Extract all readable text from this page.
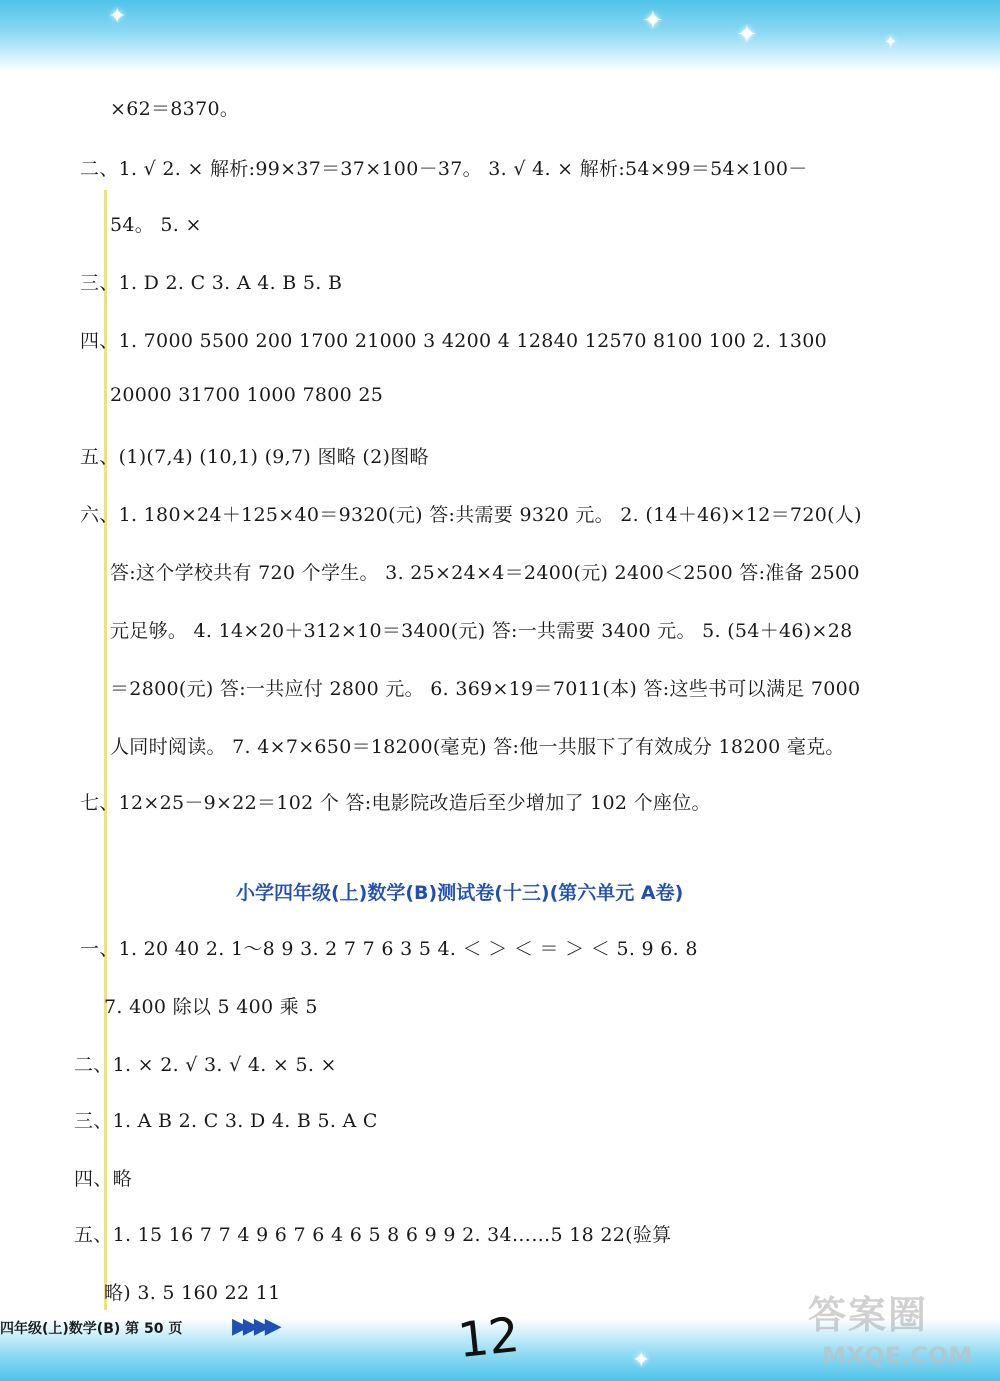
✦	✦	✦	✦
✦
×62＝8370。
二、1. √ 2. × 解析:99×37＝37×100－37。 3. √ 4. × 解析:54×99＝54×100－
54。 5. ×
三、1. D 2. C 3. A 4. B 5. B
四、1. 7000 5500 200 1700 21000 3 4200 4 12840 12570 8100 100 2. 1300
20000 31700 1000 7800 25
五、(1)(7,4) (10,1) (9,7) 图略 (2)图略
六、1. 180×24＋125×40＝9320(元) 答:共需要 9320 元。 2. (14＋46)×12＝720(人)
答:这个学校共有 720 个学生。 3. 25×24×4＝2400(元) 2400＜2500 答:准备 2500
元足够。 4. 14×20＋312×10＝3400(元) 答:一共需要 3400 元。 5. (54＋46)×28
＝2800(元) 答:一共应付 2800 元。 6. 369×19＝7011(本) 答:这些书可以满足 7000
人同时阅读。 7. 4×7×650＝18200(毫克) 答:他一共服下了有效成分 18200 毫克。
七、12×25－9×22＝102 个 答:电影院改造后至少增加了 102 个座位。
一、1. 20 40 2. 1～8 9 3. 2 7 7 6 3 5 4. ＜ ＞ ＜ ＝ ＞ ＜ 5. 9 6. 8
7. 400 除以 5 400 乘 5
二、1. × 2. √ 3. √ 4. × 5. ×
三、1. A B 2. C 3. D 4. B 5. A C
四、略
五、1. 15 16 7 7 4 9 6 7 6 4 6 5 8 6 9 9 2. 34……5 18 22(验算
略) 3. 5 160 22 11
小学四年级(上)数学(B)测试卷(十三)(第六单元 A卷)
四年级(上)数学(B) 第 50 页 ▶▶▶▶	12	答案圈
MXQE.COM
